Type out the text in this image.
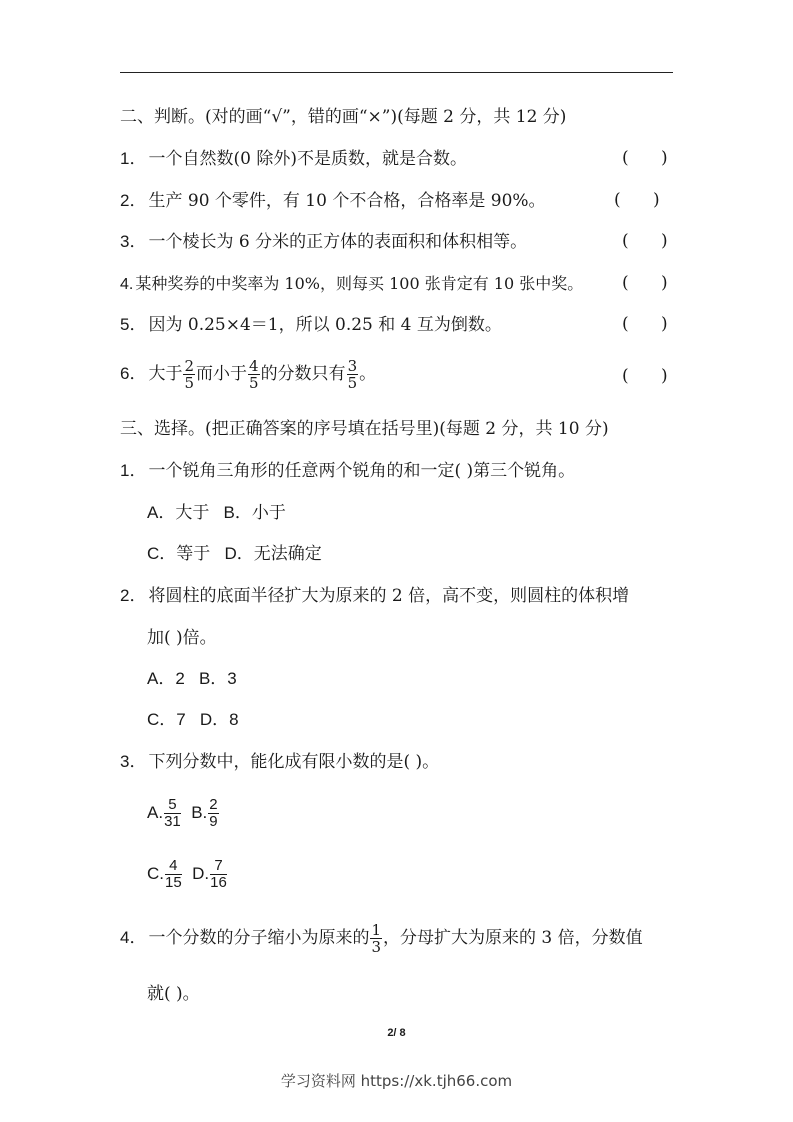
二、判断。(对的画“√”，错的画“×”)(每题 2 分，共 12 分)
1． 一个自然数(0 除外)不是质数，就是合数。	(      )
2． 生产 90 个零件，有 10 个不合格，合格率是 90%。	(      )
3． 一个棱长为 6 分米的正方体的表面积和体积相等。	(      )
4. 某种奖券的中奖率为 10%，则每买 100 张肯定有 10 张中奖。 (      )
5． 因为 0.25×4＝1，所以 0.25 和 4 互为倒数。	(      )
6． 大于 $\frac{2}{5}$ 而小于 $\frac{4}{5}$ 的分数只有 $\frac{3}{5}$ 。	(      )
三、选择。(把正确答案的序号填在括号里)(每题 2 分，共 10 分)
1． 一个锐角三角形的任意两个锐角的和一定( )第三个锐角。
A．大于 B．小于
C．等于 D．无法确定
2． 将圆柱的底面半径扩大为原来的 2 倍，高不变，则圆柱的体积增
加( )倍。
A．2 B．3
C．7 D．8
3． 下列分数中，能化成有限小数的是( )。
A. $\frac{5}{31} B$. $\frac{2}{9}$
C. $\frac{4}{15} D$. $\frac{7}{16}$
4． 一个分数的分子缩小为原来的 $\frac{1}{3}$ ，分母扩大为原来的 3 倍，分数值
就( )。
2/ 8
学习资料网 https://xk.tjh66.com
